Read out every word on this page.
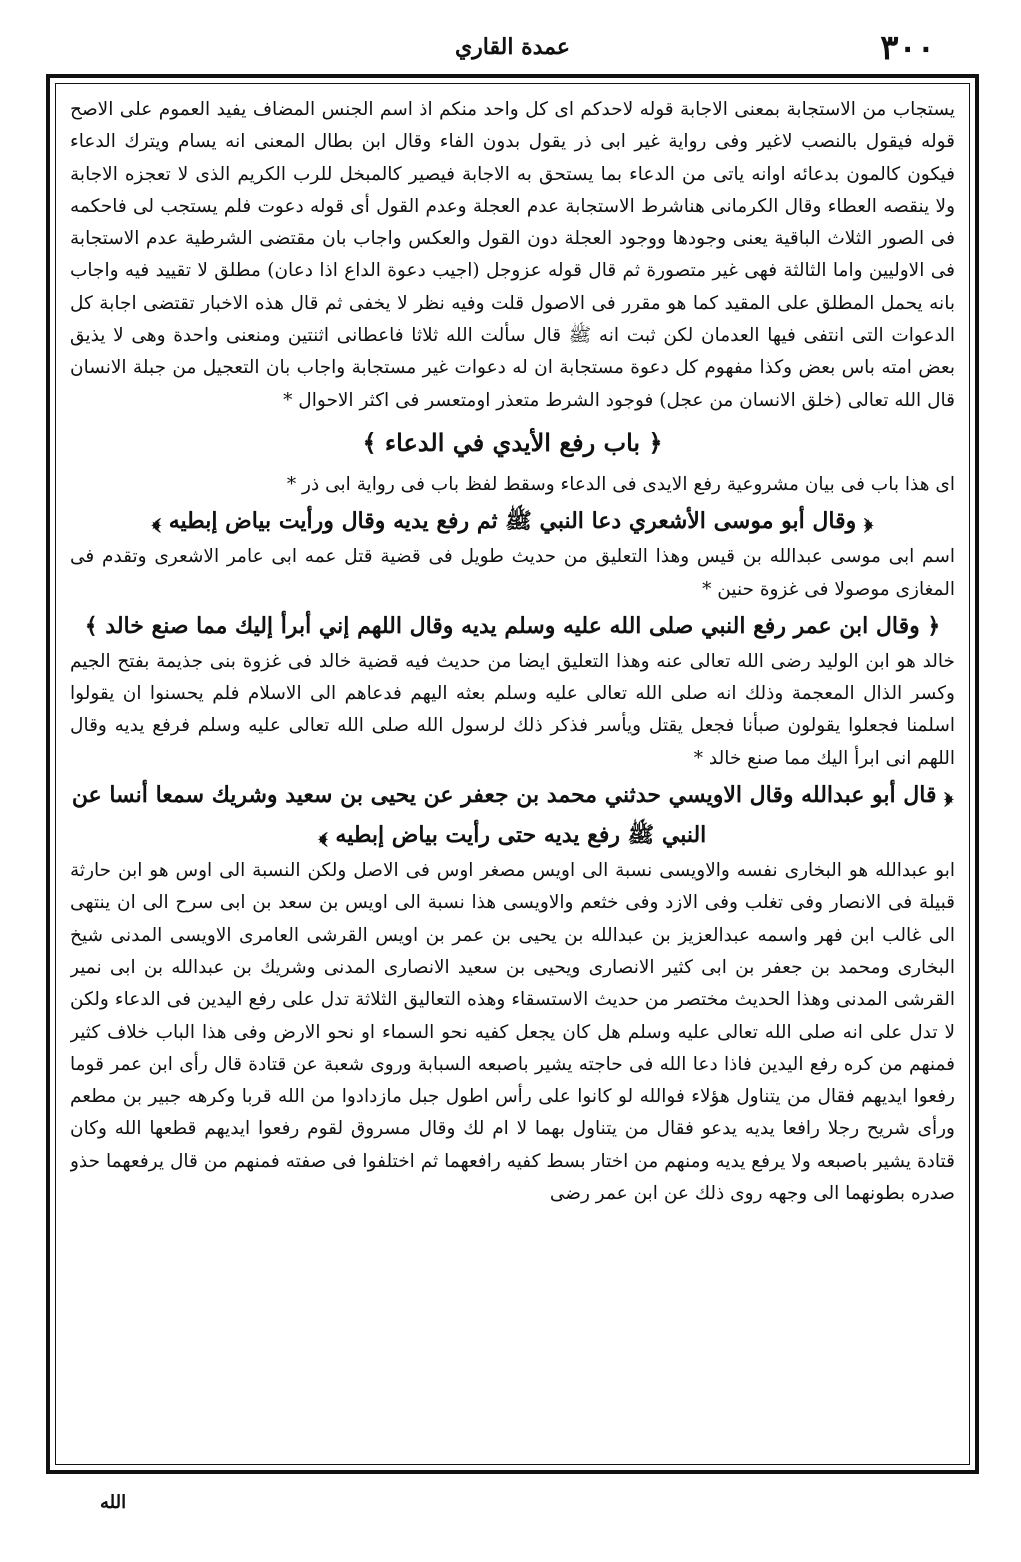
٣٠٠
عمدة القاري

يستجاب من الاستجابة بمعنى الاجابة قوله لاحدكم اى كل واحد منكم اذ اسم الجنس المضاف يفيد العموم على الاصح قوله فيقول بالنصب لاغير وفى رواية غير ابى ذر يقول بدون الفاء وقال ابن بطال المعنى انه يسام ويترك الدعاء فيكون كالمون بدعائه اوانه ياتى من الدعاء بما يستحق به الاجابة فيصير كالمبخل للرب الكريم الذى لا تعجزه الاجابة ولا ينقصه العطاء وقال الكرمانى هناشرط الاستجابة عدم العجلة وعدم القول أى قوله دعوت فلم يستجب لى فاحكمه فى الصور الثلاث الباقية يعنى وجودها ووجود العجلة دون القول والعكس واجاب بان مقتضى الشرطية عدم الاستجابة فى الاوليين واما الثالثة فهى غير متصورة ثم قال قوله عزوجل (اجيب دعوة الداع اذا دعان) مطلق لا تقييد فيه واجاب بانه يحمل المطلق على المقيد كما هو مقرر فى الاصول قلت وفيه نظر لا يخفى ثم قال هذه الاخبار تقتضى اجابة كل الدعوات التى انتفى فيها العدمان لكن ثبت انه ﷺ قال سألت الله ثلاثا فاعطانى اثنتين ومنعنى واحدة وهى لا يذيق بعض امته باس بعض وكذا مفهوم كل دعوة مستجابة ان له دعوات غير مستجابة واجاب بان التعجيل من جبلة الانسان قال الله تعالى (خلق الانسان من عجل) فوجود الشرط متعذر اومتعسر فى اكثر الاحوال *

﴿ باب رفع الأيدي في الدعاء ﴾

اى هذا باب فى بيان مشروعية رفع الايدى فى الدعاء وسقط لفظ باب فى رواية ابى ذر *

﴿ وقال أبو موسى الأشعري دعا النبي ﷺ ثم رفع يديه وقال ورأيت بياض إبطيه ﴾

اسم ابى موسى عبدالله بن قيس وهذا التعليق من حديث طويل فى قضية قتل عمه ابى عامر الاشعرى وتقدم فى المغازى موصولا فى غزوة حنين *

﴿ وقال ابن عمر رفع النبي صلى الله عليه وسلم يديه وقال اللهم إني أبرأ إليك مما صنع خالد ﴾

خالد هو ابن الوليد رضى الله تعالى عنه وهذا التعليق ايضا من حديث فيه قضية خالد فى غزوة بنى جذيمة بفتح الجيم وكسر الذال المعجمة وذلك انه صلى الله تعالى عليه وسلم بعثه اليهم فدعاهم الى الاسلام فلم يحسنوا ان يقولوا اسلمنا فجعلوا يقولون صبأنا فجعل يقتل ويأسر فذكر ذلك لرسول الله صلى الله تعالى عليه وسلم فرفع يديه وقال اللهم انى ابرأ اليك مما صنع خالد *

﴿ قال أبو عبدالله وقال الاويسي حدثني محمد بن جعفر عن يحيى بن سعيد وشريك سمعا أنسا عن النبي ﷺ رفع يديه حتى رأيت بياض إبطيه ﴾

ابو عبدالله هو البخارى نفسه والاويسى نسبة الى اويس مصغر اوس فى الاصل ولكن النسبة الى اوس هو ابن حارثة قبيلة فى الانصار وفى تغلب وفى الازد وفى خثعم والاويسى هذا نسبة الى اويس بن سعد بن ابى سرح الى ان ينتهى الى غالب ابن فهر واسمه عبدالعزيز بن عبدالله بن يحيى بن عمر بن اويس القرشى العامرى الاويسى المدنى شيخ البخارى ومحمد بن جعفر بن ابى كثير الانصارى ويحيى بن سعيد الانصارى المدنى وشريك بن عبدالله بن ابى نمير القرشى المدنى وهذا الحديث مختصر من حديث الاستسقاء وهذه التعاليق الثلاثة تدل على رفع اليدين فى الدعاء ولكن لا تدل على انه صلى الله تعالى عليه وسلم هل كان يجعل كفيه نحو السماء او نحو الارض وفى هذا الباب خلاف كثير فمنهم من كره رفع اليدين فاذا دعا الله فى حاجته يشير باصبعه السبابة وروى شعبة عن قتادة قال رأى ابن عمر قوما رفعوا ايديهم فقال من يتناول هؤلاء فوالله لو كانوا على رأس اطول جبل مازدادوا من الله قربا وكرهه جبير بن مطعم ورأى شريح رجلا رافعا يديه يدعو فقال من يتناول بهما لا ام لك وقال مسروق لقوم رفعوا ايديهم قطعها الله وكان قتادة يشير باصبعه ولا يرفع يديه ومنهم من اختار بسط كفيه رافعهما ثم اختلفوا فى صفته فمنهم من قال يرفعهما حذو صدره بطونهما الى وجهه روى ذلك عن ابن عمر رضى

الله
